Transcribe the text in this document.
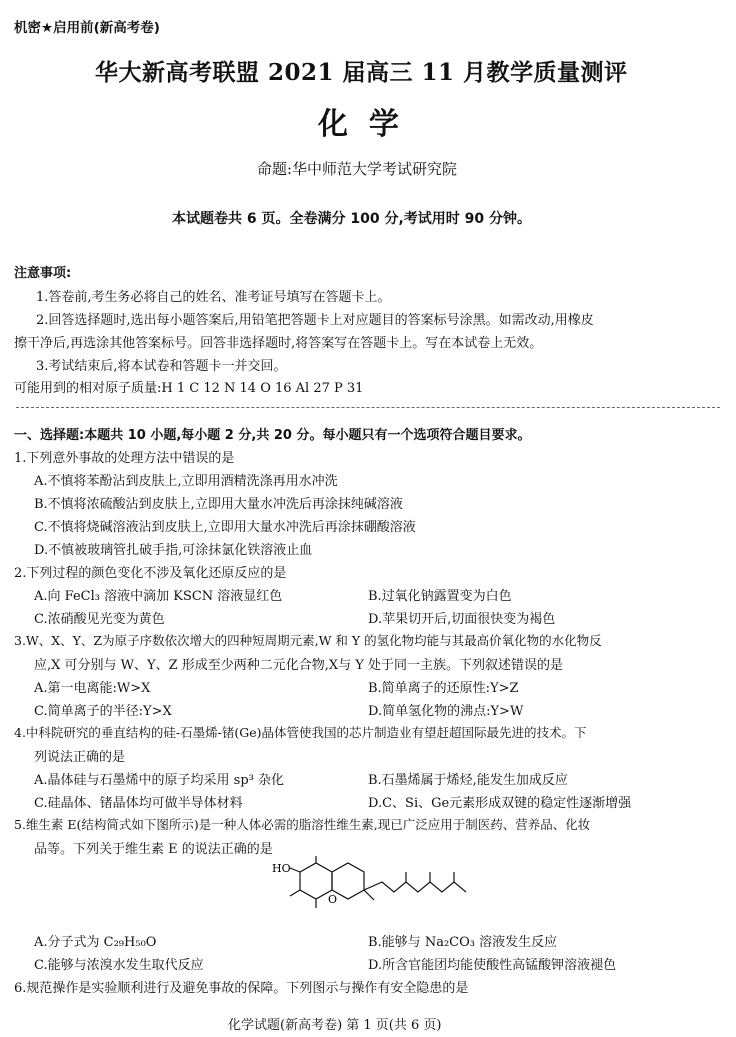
机密★启用前(新高考卷)
华大新高考联盟 2021 届高三 11 月教学质量测评
化  学
命题:华中师范大学考试研究院
本试题卷共 6 页。全卷满分 100 分,考试用时 90 分钟。
注意事项:
1.答卷前,考生务必将自己的姓名、准考证号填写在答题卡上。
2.回答选择题时,选出每小题答案后,用铅笔把答题卡上对应题目的答案标号涂黑。如需改动,用橡皮
擦干净后,再选涂其他答案标号。回答非选择题时,将答案写在答题卡上。写在本试卷上无效。
3.考试结束后,将本试卷和答题卡一并交回。
可能用到的相对原子质量:H 1 C 12 N 14 O 16 Al 27 P 31
一、选择题:本题共 10 小题,每小题 2 分,共 20 分。每小题只有一个选项符合题目要求。
1.下列意外事故的处理方法中错误的是
A.不慎将苯酚沾到皮肤上,立即用酒精洗涤再用水冲洗
B.不慎将浓硫酸沾到皮肤上,立即用大量水冲洗后再涂抹纯碱溶液
C.不慎将烧碱溶液沾到皮肤上,立即用大量水冲洗后再涂抹硼酸溶液
D.不慎被玻璃管扎破手指,可涂抹氯化铁溶液止血
2.下列过程的颜色变化不涉及氧化还原反应的是
A.向 FeCl₃ 溶液中滴加 KSCN 溶液显红色	B.过氧化钠露置变为白色
C.浓硝酸见光变为黄色	D.苹果切开后,切面很快变为褐色
3.W、X、Y、Z为原子序数依次增大的四种短周期元素,W 和 Y 的氢化物均能与其最高价氧化物的水化物反
应,X 可分别与 W、Y、Z 形成至少两种二元化合物,X与 Y 处于同一主族。下列叙述错误的是
A.第一电离能:W>X	B.简单离子的还原性:Y>Z
C.简单离子的半径:Y>X	D.简单氢化物的沸点:Y>W
4.中科院研究的垂直结构的硅-石墨烯-锗(Ge)晶体管使我国的芯片制造业有望赶超国际最先进的技术。下
列说法正确的是
A.晶体硅与石墨烯中的原子均采用 sp³ 杂化	B.石墨烯属于烯烃,能发生加成反应
C.硅晶体、锗晶体均可做半导体材料	D.C、Si、Ge元素形成双键的稳定性逐渐增强
5.维生素 E(结构简式如下图所示)是一种人体必需的脂溶性维生素,现已广泛应用于制医药、营养品、化妆
品等。下列关于维生素 E 的说法正确的是
HO
O
A.分子式为 C₂₉H₅₀O	B.能够与 Na₂CO₃ 溶液发生反应
C.能够与浓溴水发生取代反应	D.所含官能团均能使酸性高锰酸钾溶液褪色
6.规范操作是实验顺利进行及避免事故的保障。下列图示与操作有安全隐患的是
化学试题(新高考卷) 第 1 页(共 6 页)
